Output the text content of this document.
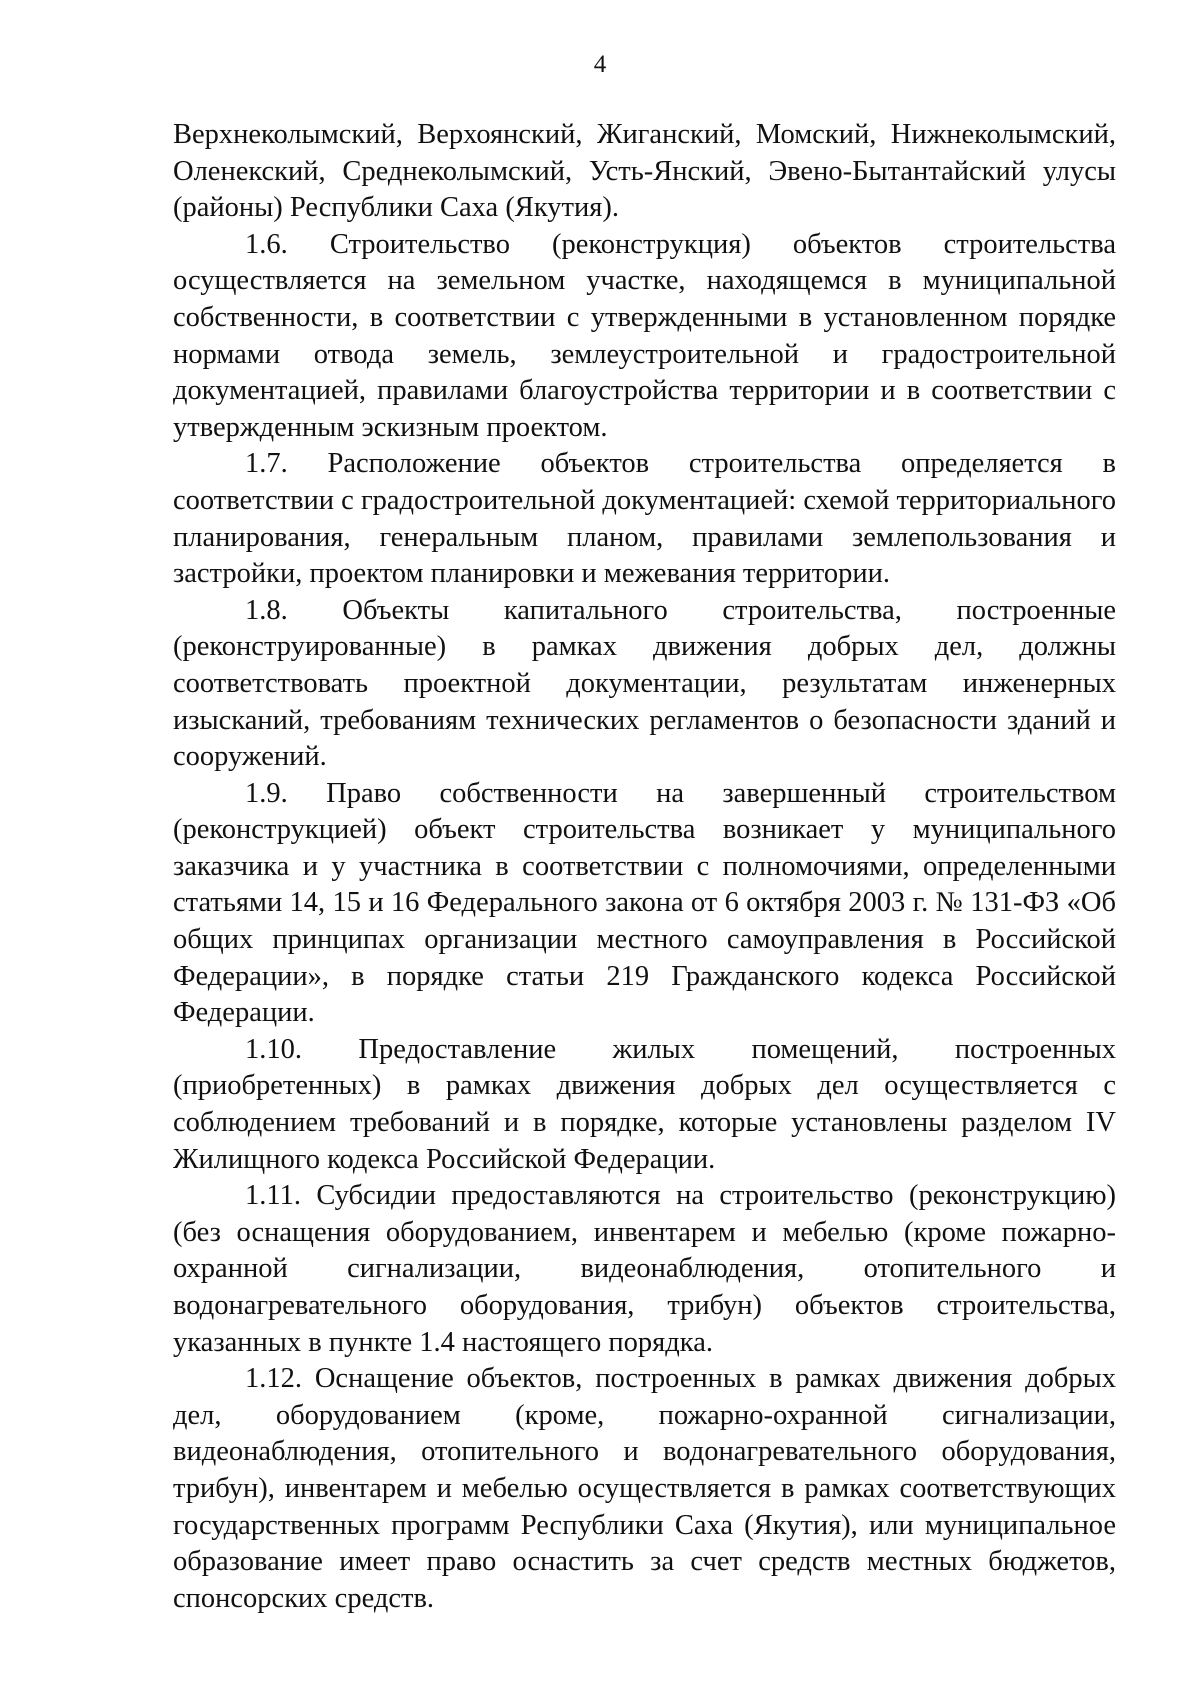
4

Верхнеколымский, Верхоянский, Жиганский, Момский, Нижнеколымский, Оленекский, Среднеколымский, Усть-Янский, Эвено-Бытантайский улусы (районы) Республики Саха (Якутия).

1.6. Строительство (реконструкция) объектов строительства осуществляется на земельном участке, находящемся в муниципальной собственности, в соответствии с утвержденными в установленном порядке нормами отвода земель, землеустроительной и градостроительной документацией, правилами благоустройства территории и в соответствии с утвержденным эскизным проектом.

1.7. Расположение объектов строительства определяется в соответствии с градостроительной документацией: схемой территориального планирования, генеральным планом, правилами землепользования и застройки, проектом планировки и межевания территории.

1.8. Объекты капитального строительства, построенные (реконструированные) в рамках движения добрых дел, должны соответствовать проектной документации, результатам инженерных изысканий, требованиям технических регламентов о безопасности зданий и сооружений.

1.9. Право собственности на завершенный строительством (реконструкцией) объект строительства возникает у муниципального заказчика и у участника в соответствии с полномочиями, определенными статьями 14, 15 и 16 Федерального закона от 6 октября 2003 г. № 131-ФЗ «Об общих принципах организации местного самоуправления в Российской Федерации», в порядке статьи 219 Гражданского кодекса Российской Федерации.

1.10. Предоставление жилых помещений, построенных (приобретенных) в рамках движения добрых дел осуществляется с соблюдением требований и в порядке, которые установлены разделом IV Жилищного кодекса Российской Федерации.

1.11. Субсидии предоставляются на строительство (реконструкцию) (без оснащения оборудованием, инвентарем и мебелью (кроме пожарно-охранной сигнализации, видеонаблюдения, отопительного и водонагревательного оборудования, трибун) объектов строительства, указанных в пункте 1.4 настоящего порядка.

1.12. Оснащение объектов, построенных в рамках движения добрых дел, оборудованием (кроме, пожарно-охранной сигнализации, видеонаблюдения, отопительного и водонагревательного оборудования, трибун), инвентарем и мебелью осуществляется в рамках соответствующих государственных программ Республики Саха (Якутия), или муниципальное образование имеет право оснастить за счет средств местных бюджетов, спонсорских средств.
